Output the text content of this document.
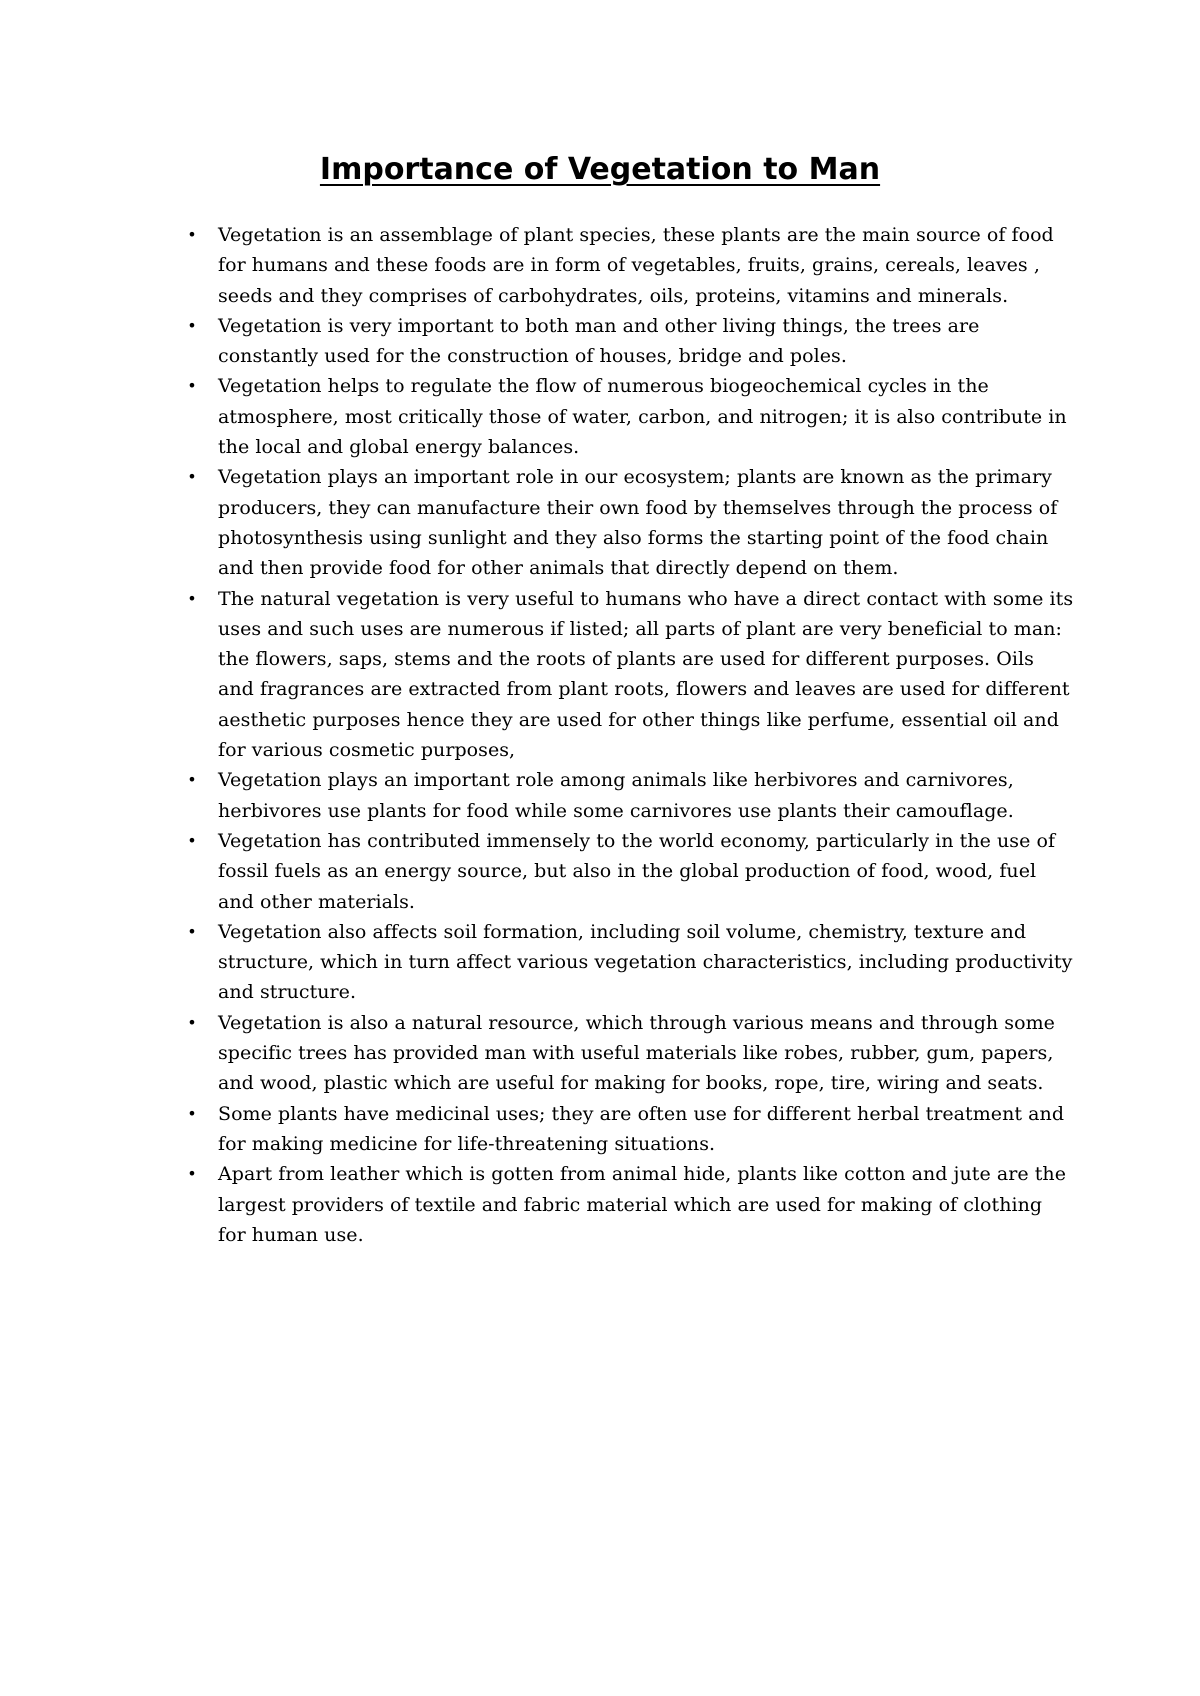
Importance of Vegetation to Man
• Vegetation is an assemblage of plant species, these plants are the main source of food for humans and these foods are in form of vegetables, fruits, grains, cereals, leaves , seeds and they comprises of carbohydrates, oils, proteins, vitamins and minerals.
• Vegetation is very important to both man and other living things, the trees are constantly used for the construction of houses, bridge and poles.
• Vegetation helps to regulate the flow of numerous biogeochemical cycles in the atmosphere, most critically those of water, carbon, and nitrogen; it is also contribute in the local and global energy balances.
• Vegetation plays an important role in our ecosystem; plants are known as the primary producers, they can manufacture their own food by themselves through the process of photosynthesis using sunlight and they also forms the starting point of the food chain and then provide food for other animals that directly depend on them.
• The natural vegetation is very useful to humans who have a direct contact with some its uses and such uses are numerous if listed; all parts of plant are very beneficial to man: the flowers, saps, stems and the roots of plants are used for different purposes. Oils and fragrances are extracted from plant roots, flowers and leaves are used for different aesthetic purposes hence they are used for other things like perfume, essential oil and for various cosmetic purposes,
• Vegetation plays an important role among animals like herbivores and carnivores, herbivores use plants for food while some carnivores use plants their camouflage.
• Vegetation has contributed immensely to the world economy, particularly in the use of fossil fuels as an energy source, but also in the global production of food, wood, fuel and other materials.
• Vegetation also affects soil formation, including soil volume, chemistry, texture and structure, which in turn affect various vegetation characteristics, including productivity and structure.
• Vegetation is also a natural resource, which through various means and through some specific trees has provided man with useful materials like robes, rubber, gum, papers, and wood, plastic which are useful for making for books, rope, tire, wiring and seats.
• Some plants have medicinal uses; they are often use for different herbal treatment and for making medicine for life-threatening situations.
• Apart from leather which is gotten from animal hide, plants like cotton and jute are the largest providers of textile and fabric material which are used for making of clothing for human use.
